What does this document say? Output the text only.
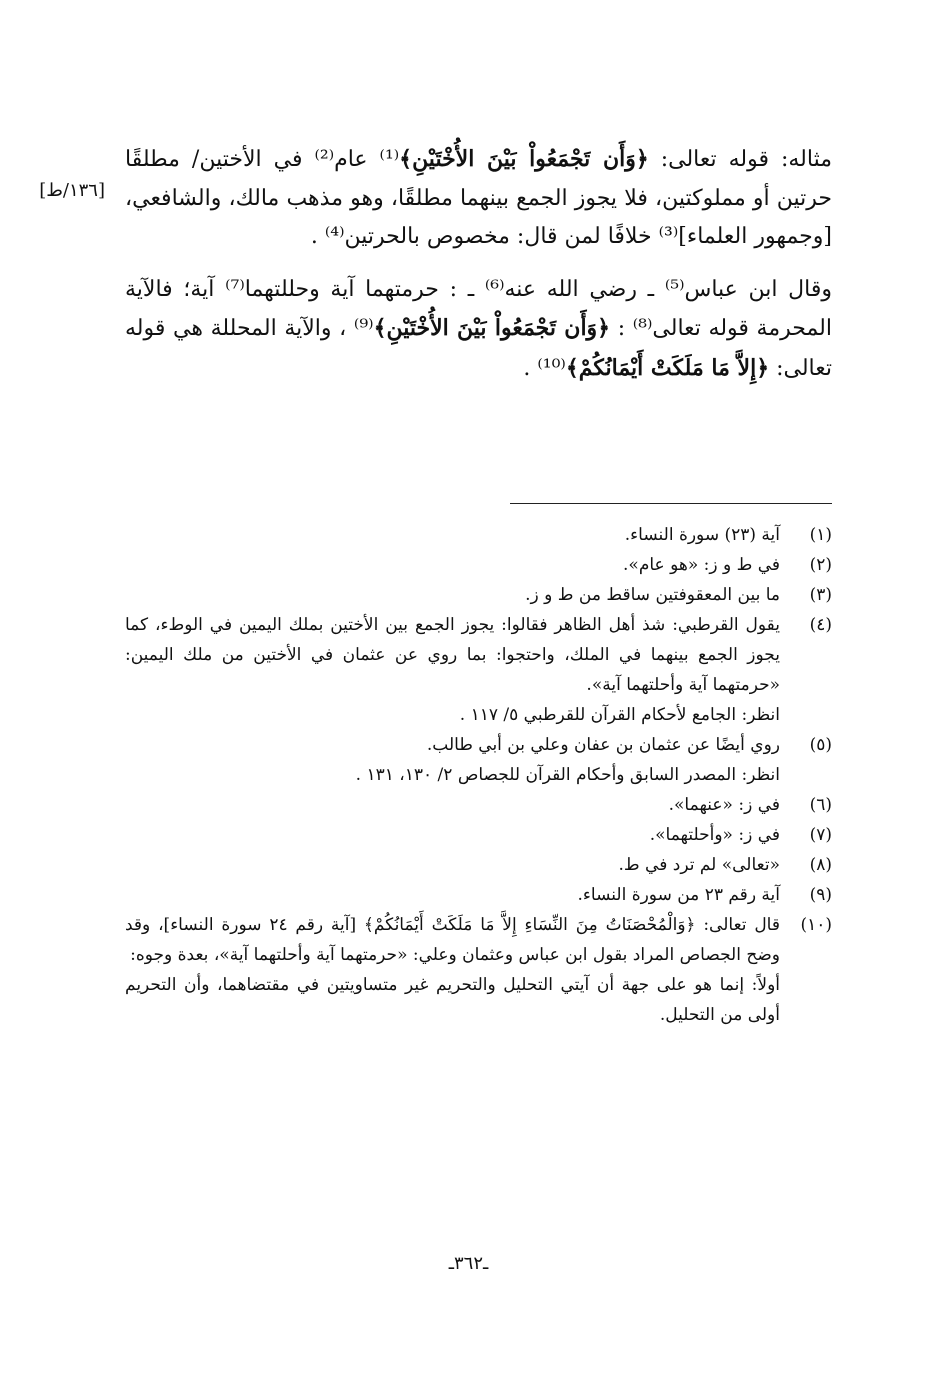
[١٣٦/ط]

مثاله: قوله تعالى: ﴿وَأَن تَجْمَعُواْ بَيْنَ الأُخْتَيْنِ﴾⁽¹⁾ عام⁽²⁾ في الأختين/ مطلقًا حرتين أو مملوكتين، فلا يجوز الجمع بينهما مطلقًا، وهو مذهب مالك، والشافعي، [وجمهور العلماء]⁽³⁾ خلافًا لمن قال: مخصوص بالحرتين⁽⁴⁾ .

وقال ابن عباس⁽⁵⁾ ـ رضي الله عنه⁽⁶⁾ ـ : حرمتهما آية وحللتهما⁽⁷⁾ آية؛ فالآية المحرمة قوله تعالى⁽⁸⁾ : ﴿وَأَن تَجْمَعُواْ بَيْنَ الأُخْتَيْنِ﴾⁽⁹⁾ ، والآية المحللة هي قوله تعالى: ﴿إِلاَّ مَا مَلَكَتْ أَيْمَانُكُمْ﴾⁽¹⁰⁾ .

(١)
آية (٢٣) سورة النساء.
(٢)
في ط و ز: «هو عام».
(٣)
ما بين المعقوفتين ساقط من ط و ز.
(٤)
يقول القرطبي: شذ أهل الظاهر فقالوا: يجوز الجمع بين الأختين بملك اليمين في الوطء، كما يجوز الجمع بينهما في الملك، واحتجوا: بما روي عن عثمان في الأختين من ملك اليمين: «حرمتهما آية وأحلتهما آية».
انظر: الجامع لأحكام القرآن للقرطبي ٥/ ١١٧ .
(٥)
روي أيضًا عن عثمان بن عفان وعلي بن أبي طالب.
انظر: المصدر السابق وأحكام القرآن للجصاص ٢/ ١٣٠، ١٣١ .
(٦)
في ز: «عنهما».
(٧)
في ز: «وأحلتهما».
(٨)
«تعالى» لم ترد في ط.
(٩)
آية رقم ٢٣ من سورة النساء.
(١٠)
قال تعالى: ﴿وَالْمُحْصَنَاتُ مِنَ النِّسَاءِ إِلاَّ مَا مَلَكَتْ أَيْمَانُكُمْ﴾ [آية رقم ٢٤ سورة النساء]، وقد وضح الجصاص المراد بقول ابن عباس وعثمان وعلي: «حرمتهما آية وأحلتهما آية»، بعدة وجوه:
أولاً: إنما هو على جهة أن آيتي التحليل والتحريم غير متساويتين في مقتضاهما، وأن التحريم أولى من التحليل.
ـ٣٦٢ـ
